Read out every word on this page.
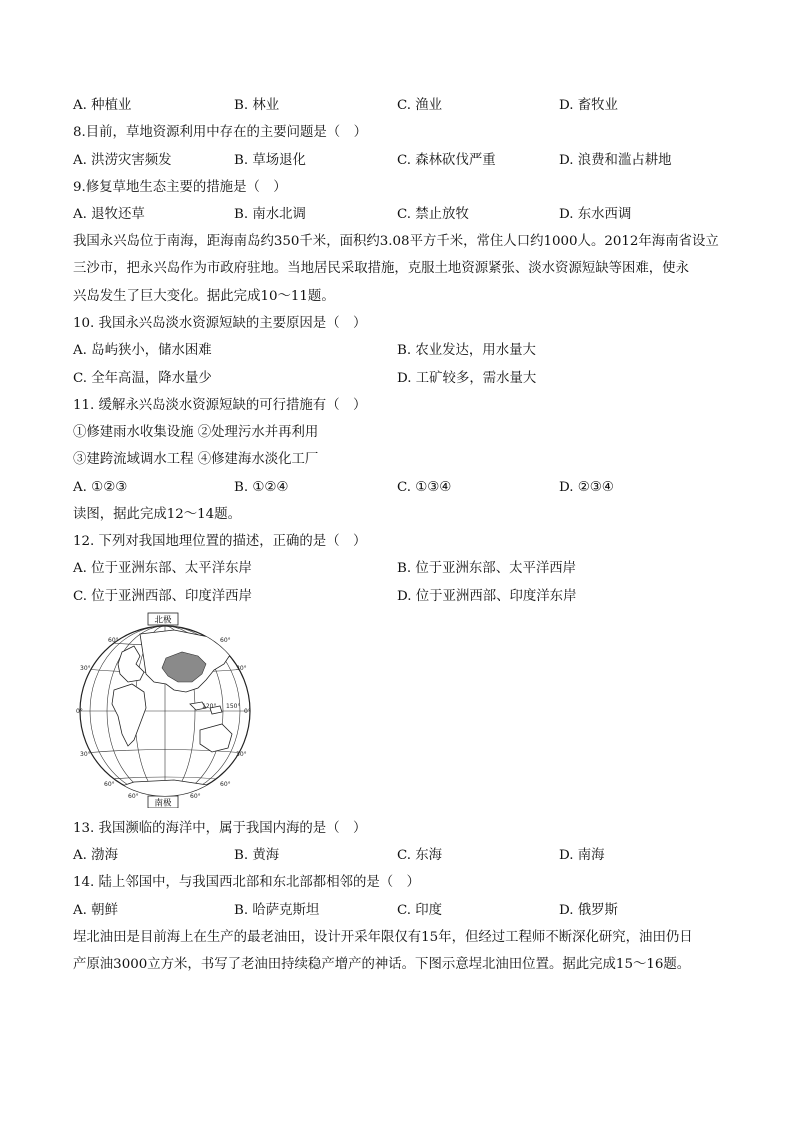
A. 种植业	B. 林业	C. 渔业	D. 畜牧业
8.目前，草地资源利用中存在的主要问题是（　）
A. 洪涝灾害频发	B. 草场退化	C. 森林砍伐严重	D. 浪费和滥占耕地
9.修复草地生态主要的措施是（　）
A. 退牧还草	B. 南水北调	C. 禁止放牧	D. 东水西调
我国永兴岛位于南海，距海南岛约350千米，面积约3.08平方千米，常住人口约1000人。2012年海南省设立
三沙市，把永兴岛作为市政府驻地。当地居民采取措施，克服土地资源紧张、淡水资源短缺等困难，使永
兴岛发生了巨大变化。据此完成10～11题。
10. 我国永兴岛淡水资源短缺的主要原因是（　）
A. 岛屿狭小，储水困难	B. 农业发达，用水量大
C. 全年高温，降水量少	D. 工矿较多，需水量大
11. 缓解永兴岛淡水资源短缺的可行措施有（　）
①修建雨水收集设施 ②处理污水并再利用
③建跨流域调水工程 ④修建海水淡化工厂
A. ①②③	B. ①②④	C. ①③④	D. ②③④
读图，据此完成12～14题。
12. 下列对我国地理位置的描述，正确的是（　）
A. 位于亚洲东部、太平洋东岸	B. 位于亚洲东部、太平洋西岸
C. 位于亚洲西部、印度洋西岸	D. 位于亚洲西部、印度洋东岸
北极
南极
60°
30°
0°
30°
60°
60°
30°
0°
30°
60°
120° 150°
60°	60°
13. 我国濒临的海洋中，属于我国内海的是（　）
A. 渤海	B. 黄海	C. 东海	D. 南海
14. 陆上邻国中，与我国西北部和东北部都相邻的是（　）
A. 朝鲜	B. 哈萨克斯坦	C. 印度	D. 俄罗斯
埕北油田是目前海上在生产的最老油田，设计开采年限仅有15年，但经过工程师不断深化研究，油田仍日
产原油3000立方米，书写了老油田持续稳产增产的神话。下图示意埕北油田位置。据此完成15～16题。
